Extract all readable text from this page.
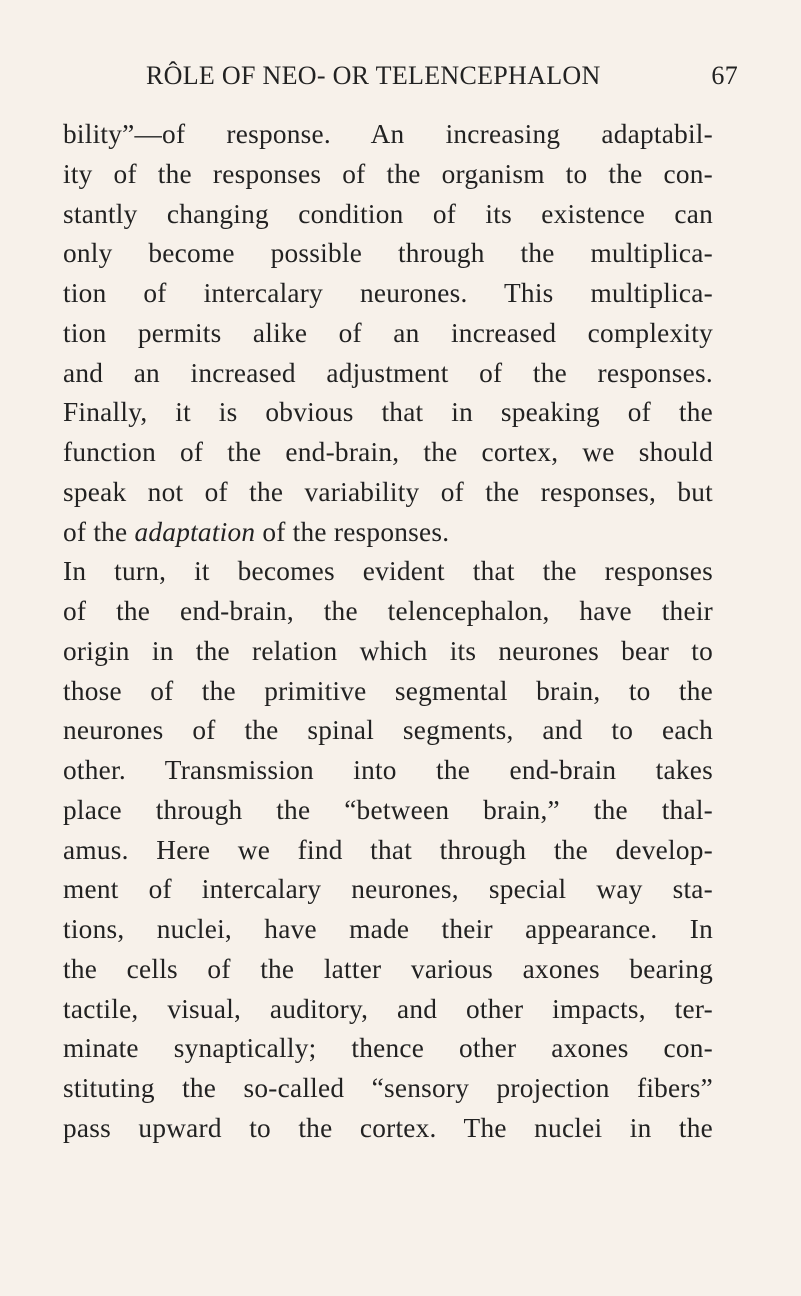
RÔLE OF NEO- OR TELENCEPHALON	67
bility”—of response. An increasing adaptabil-
ity of the responses of the organism to the con-
stantly changing condition of its existence can
only become possible through the multiplica-
tion of intercalary neurones. This multiplica-
tion permits alike of an increased complexity
and an increased adjustment of the responses.
Finally, it is obvious that in speaking of the
function of the end-brain, the cortex, we should
speak not of the variability of the responses, but
of the adaptation of the responses.
In turn, it becomes evident that the responses
of the end-brain, the telencephalon, have their
origin in the relation which its neurones bear to
those of the primitive segmental brain, to the
neurones of the spinal segments, and to each
other. Transmission into the end-brain takes
place through the “between brain,” the thal-
amus. Here we find that through the develop-
ment of intercalary neurones, special way sta-
tions, nuclei, have made their appearance. In
the cells of the latter various axones bearing
tactile, visual, auditory, and other impacts, ter-
minate synaptically; thence other axones con-
stituting the so-called “sensory projection fibers”
pass upward to the cortex. The nuclei in the
